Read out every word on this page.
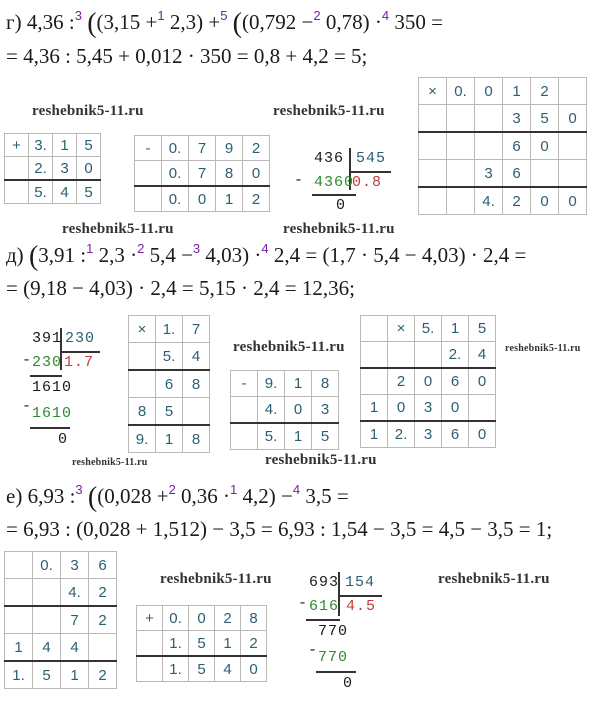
г) 4,36 :$^3$ ((3,15 +$^1$ 2,3) +$^5$ ((0,792 −$^2$ 0,78) ·$^4$ 350 =
= 4,36 : 5,45 + 0,012 · 350 = 0,8 + 4,2 = 5;
reshebnik5-11.ru	reshebnik5-11.ru
+	3.	1	5
	2.	3	0
	5.	4	5
-	0.	7	9	2
	0.	7	8	0
	0.	0	1	2
-
436 545
4360
0.8
0
×	0.	0	1	2	
			3	5	0
			6	0	
		3	6		
		4.	2	0	0
reshebnik5-11.ru	reshebnik5-11.ru
д) (3,91 :$^1$ 2,3 ·$^2$ 5,4 −$^3$ 4,03) ·$^4$ 2,4 = (1,7 · 5,4 − 4,03) · 2,4 =
= (9,18 − 4,03) · 2,4 = 5,15 · 2,4 = 12,36;
-
391 230
230 1.7
1610
- 1610
0
×	1.	7
	5.	4
	6	8
8	5	
9.	1	8
reshebnik5-11.ru
-	9.	1	8
	4.	0	3
	5.	1	5
	×	5.	1	5
			2.	4
	2	0	6	0
1	0	3	0	
1	2.	3	6	0
reshebnik5-11.ru
reshebnik5-11.ru	reshebnik5-11.ru
е) 6,93 :$^3$ ((0,028 +$^2$ 0,36 ·$^1$ 4,2) −$^4$ 3,5 =
= 6,93 : (0,028 + 1,512) − 3,5 = 6,93 : 1,54 − 3,5 = 4,5 − 3,5 = 1;
	0.	3	6
		4.	2
		7	2
1	4	4	
1.	5	1	2
reshebnik5-11.ru
+	0.	0	2	8
	1.	5	1	2
	1.	5	4	0
-
693 154
616 4.5
770
- 770
0
reshebnik5-11.ru
